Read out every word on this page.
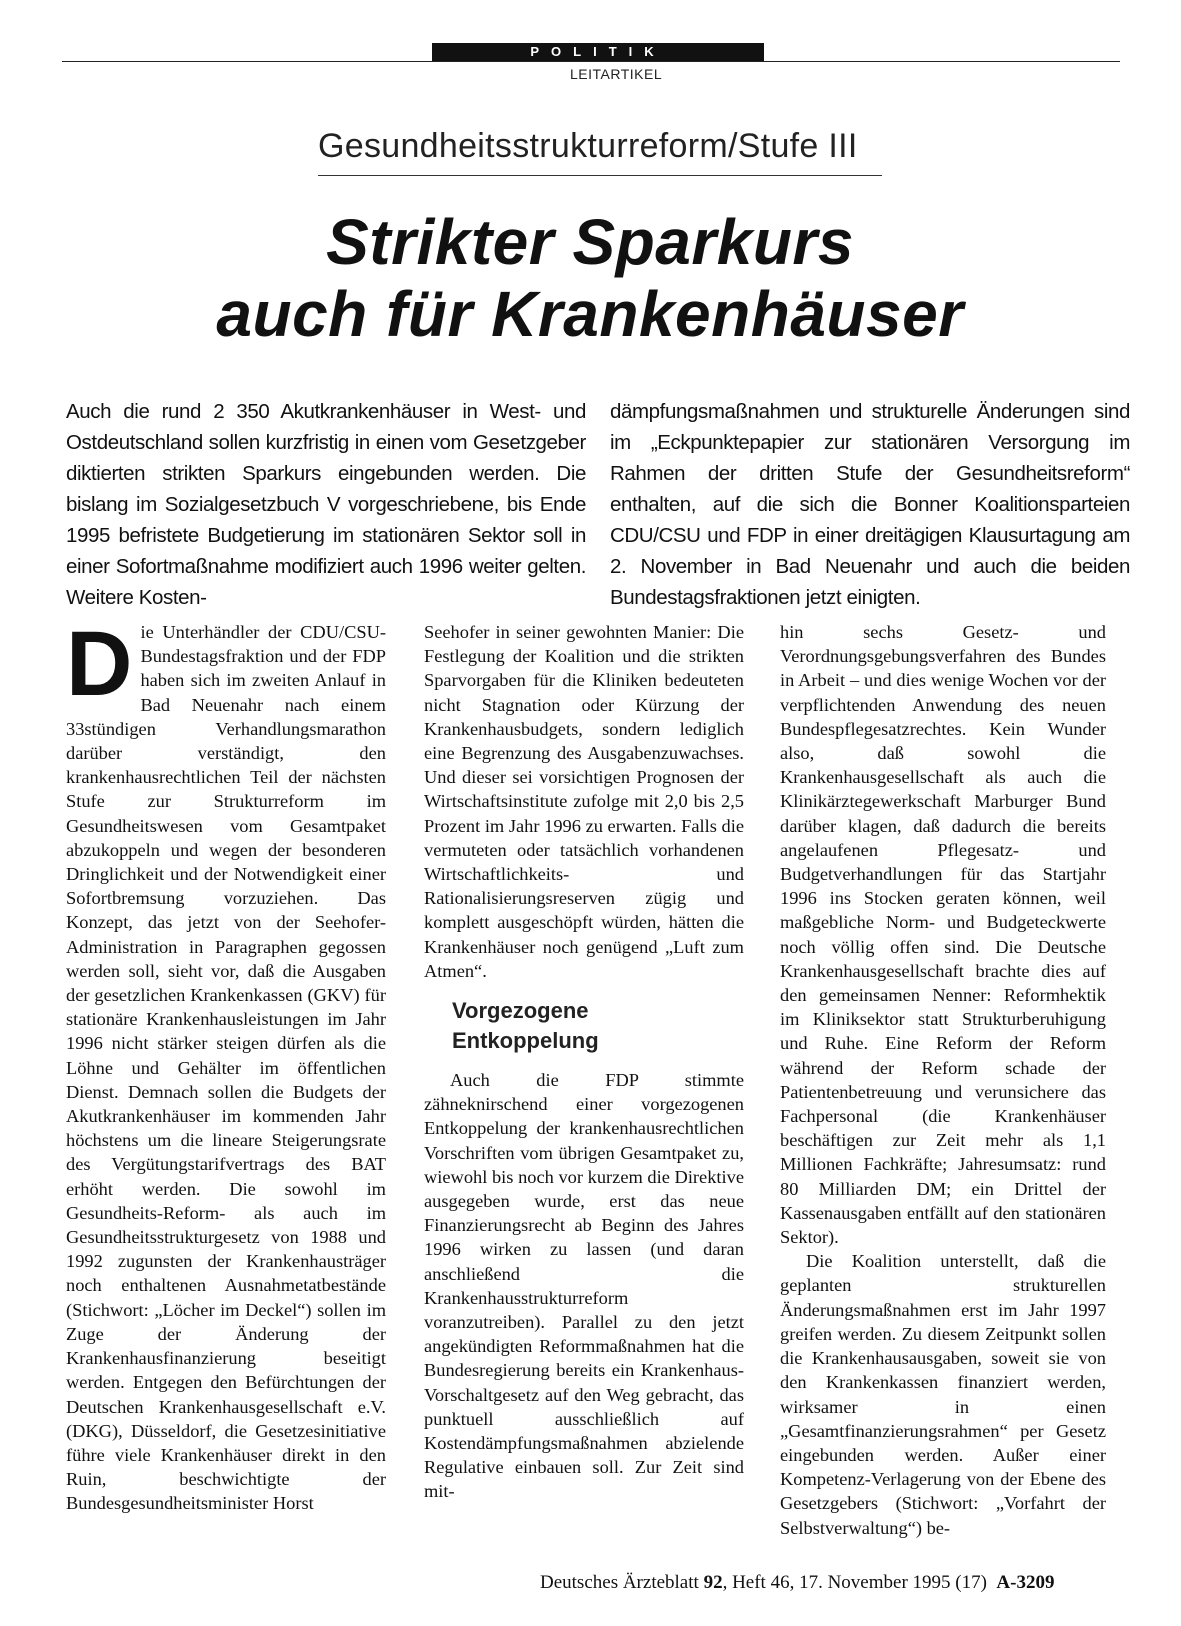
POLITIK
LEITARTIKEL
Gesundheitsstrukturreform/Stufe III
Strikter Sparkurs
auch für Krankenhäuser
Auch die rund 2 350 Akutkrankenhäuser in West- und Ostdeutschland sollen kurzfristig in einen vom Gesetzgeber diktierten strikten Sparkurs eingebunden werden. Die bislang im Sozialgesetzbuch V vorgeschriebene, bis Ende 1995 befristete Budgetierung im stationären Sektor soll in einer Sofortmaßnahme modifiziert auch 1996 weiter gelten. Weitere Kosten-
dämpfungsmaßnahmen und strukturelle Änderungen sind im „Eckpunktepapier zur stationären Versorgung im Rahmen der dritten Stufe der Gesundheitsreform“ enthalten, auf die sich die Bonner Koalitionsparteien CDU/CSU und FDP in einer dreitägigen Klausurtagung am 2. November in Bad Neuenahr und auch die beiden Bundestagsfraktionen jetzt einigten.
D ie Unterhändler der CDU/CSU-Bundestagsfraktion und der FDP haben sich im zweiten Anlauf in Bad Neuenahr nach einem 33stündigen Verhandlungsmarathon darüber verständigt, den krankenhausrechtlichen Teil der nächsten Stufe zur Strukturreform im Gesundheitswesen vom Gesamtpaket abzukoppeln und wegen der besonderen Dringlichkeit und der Notwendigkeit einer Sofortbremsung vorzuziehen. Das Konzept, das jetzt von der Seehofer-Administration in Paragraphen gegossen werden soll, sieht vor, daß die Ausgaben der gesetzlichen Krankenkassen (GKV) für stationäre Krankenhausleistungen im Jahr 1996 nicht stärker steigen dürfen als die Löhne und Gehälter im öffentlichen Dienst. Demnach sollen die Budgets der Akutkrankenhäuser im kommenden Jahr höchstens um die lineare Steigerungsrate des Vergütungstarifvertrags des BAT erhöht werden. Die sowohl im Gesundheits-Reform- als auch im Gesundheitsstrukturgesetz von 1988 und 1992 zugunsten der Krankenhausträger noch enthaltenen Ausnahmetatbestände (Stichwort: „Löcher im Deckel“) sollen im Zuge der Änderung der Krankenhausfinanzierung beseitigt werden. Entgegen den Befürchtungen der Deutschen Krankenhausgesellschaft e.V. (DKG), Düsseldorf, die Gesetzesinitiative führe viele Krankenhäuser direkt in den Ruin, beschwichtigte der Bundesgesundheitsminister Horst

Seehofer in seiner gewohnten Manier: Die Festlegung der Koalition und die strikten Sparvorgaben für die Kliniken bedeuteten nicht Stagnation oder Kürzung der Krankenhausbudgets, sondern lediglich eine Begrenzung des Ausgabenzuwachses. Und dieser sei vorsichtigen Prognosen der Wirtschaftsinstitute zufolge mit 2,0 bis 2,5 Prozent im Jahr 1996 zu erwarten. Falls die vermuteten oder tatsächlich vorhandenen Wirtschaftlichkeits- und Rationalisierungsreserven zügig und komplett ausgeschöpft würden, hätten die Krankenhäuser noch genügend „Luft zum Atmen“.

Vorgezogene Entkoppelung

Auch die FDP stimmte zähneknirschend einer vorgezogenen Entkoppelung der krankenhausrechtlichen Vorschriften vom übrigen Gesamtpaket zu, wiewohl bis noch vor kurzem die Direktive ausgegeben wurde, erst das neue Finanzierungsrecht ab Beginn des Jahres 1996 wirken zu lassen (und daran anschließend die Krankenhausstrukturreform voranzutreiben). Parallel zu den jetzt angekündigten Reformmaßnahmen hat die Bundesregierung bereits ein Krankenhaus-Vorschaltgesetz auf den Weg gebracht, das punktuell ausschließlich auf Kostendämpfungsmaßnahmen abzielende Regulative einbauen soll. Zur Zeit sind mit-

hin sechs Gesetz- und Verordnungsgebungsverfahren des Bundes in Arbeit – und dies wenige Wochen vor der verpflichtenden Anwendung des neuen Bundespflegesatzrechtes. Kein Wunder also, daß sowohl die Krankenhausgesellschaft als auch die Klinikärztegewerkschaft Marburger Bund darüber klagen, daß dadurch die bereits angelaufenen Pflegesatz- und Budgetverhandlungen für das Startjahr 1996 ins Stocken geraten können, weil maßgebliche Norm- und Budgeteckwerte noch völlig offen sind. Die Deutsche Krankenhausgesellschaft brachte dies auf den gemeinsamen Nenner: Reformhektik im Kliniksektor statt Strukturberuhigung und Ruhe. Eine Reform der Reform während der Reform schade der Patientenbetreuung und verunsichere das Fachpersonal (die Krankenhäuser beschäftigen zur Zeit mehr als 1,1 Millionen Fachkräfte; Jahresumsatz: rund 80 Milliarden DM; ein Drittel der Kassenausgaben entfällt auf den stationären Sektor).

Die Koalition unterstellt, daß die geplanten strukturellen Änderungsmaßnahmen erst im Jahr 1997 greifen werden. Zu diesem Zeitpunkt sollen die Krankenhausausgaben, soweit sie von den Krankenkassen finanziert werden, wirksamer in einen „Gesamtfinanzierungsrahmen“ per Gesetz eingebunden werden. Außer einer Kompetenz-Verlagerung von der Ebene des Gesetzgebers (Stichwort: „Vorfahrt der Selbstverwaltung“) be-

Deutsches Ärzteblatt 92, Heft 46, 17. November 1995 (17) A-3209
